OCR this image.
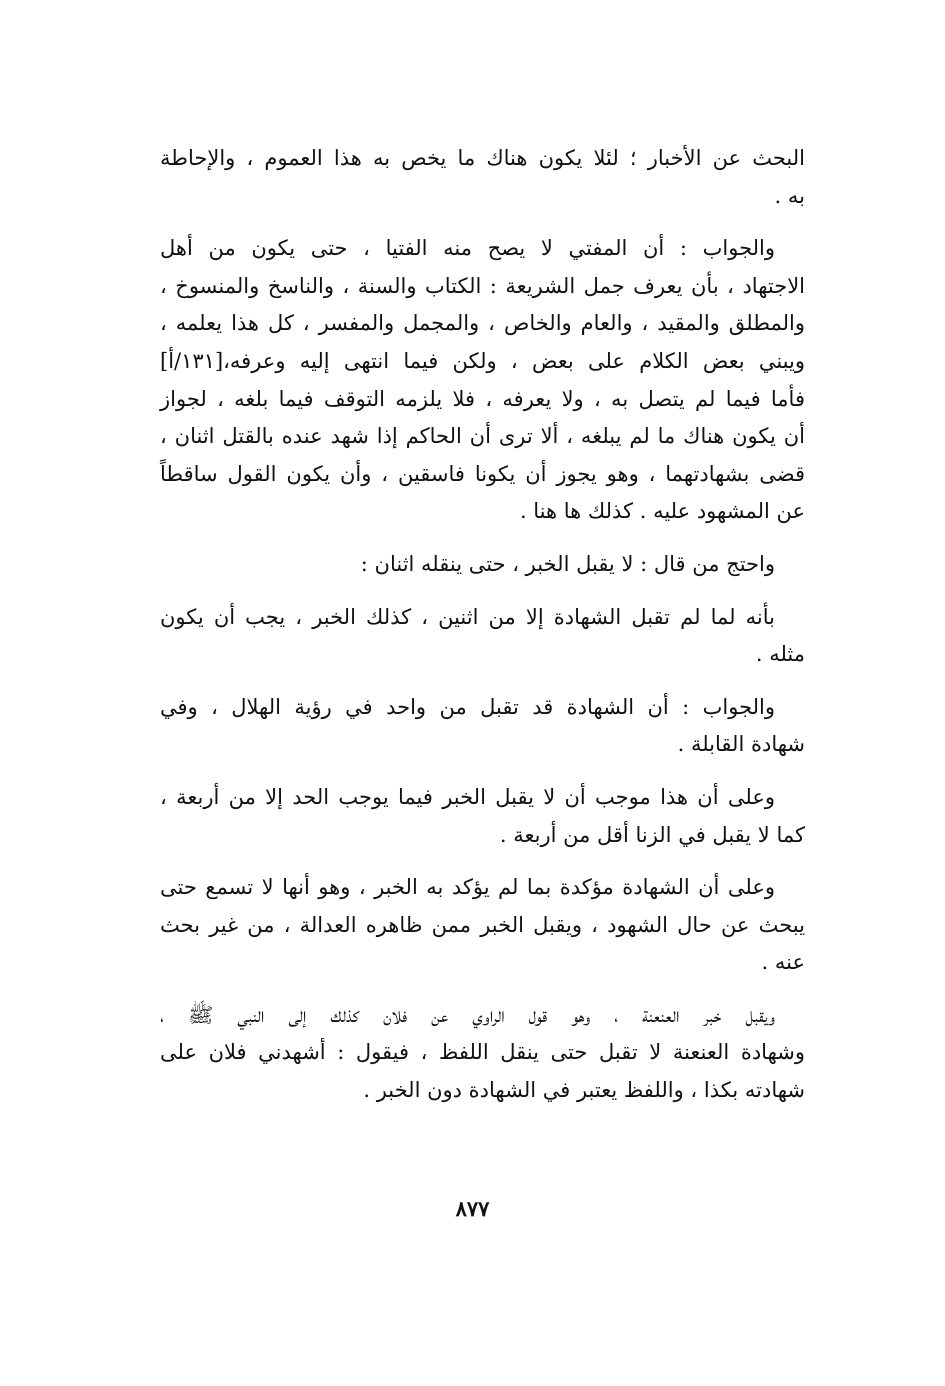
البحث عن الأخبار ؛ لئلا يكون هناك ما يخص به هذا العموم ، والإحاطة
به .
والجواب : أن المفتي لا يصح منه الفتيا ، حتى يكون من أهل
الاجتهاد ، بأن يعرف جمل الشريعة : الكتاب والسنة ، والناسخ والمنسوخ ،
والمطلق والمقيد ، والعام والخاص ، والمجمل والمفسر ، كل هذا يعلمه ،
ويبني بعض الكلام على بعض ، ولكن فيما انتهى إليه وعرفه،[١٣١/أ]
فأما فيما لم يتصل به ، ولا يعرفه ، فلا يلزمه التوقف فيما بلغه ، لجواز
أن يكون هناك ما لم يبلغه ، ألا ترى أن الحاكم إذا شهد عنده بالقتل اثنان ،
قضى بشهادتهما ، وهو يجوز أن يكونا فاسقين ، وأن يكون القول ساقطاً
عن المشهود عليه . كذلك ها هنا .
واحتج من قال : لا يقبل الخبر ، حتى ينقله اثنان :
بأنه لما لم تقبل الشهادة إلا من اثنين ، كذلك الخبر ، يجب أن يكون
مثله .
والجواب : أن الشهادة قد تقبل من واحد في رؤية الهلال ، وفي
شهادة القابلة .
وعلى أن هذا موجب أن لا يقبل الخبر فيما يوجب الحد إلا من أربعة ،
كما لا يقبل في الزنا أقل من أربعة .
وعلى أن الشهادة مؤكدة بما لم يؤكد به الخبر ، وهو أنها لا تسمع حتى
يبحث عن حال الشهود ، ويقبل الخبر ممن ظاهره العدالة ، من غير بحث
عنه .
ويقبل خبر العنعنة ، وهو قول الراوي عن فلان كذلك إلى النبي ﷺ ،
وشهادة العنعنة لا تقبل حتى ينقل اللفظ ، فيقول : أشهدني فلان على
شهادته بكذا ، واللفظ يعتبر في الشهادة دون الخبر .
٨٧٧
